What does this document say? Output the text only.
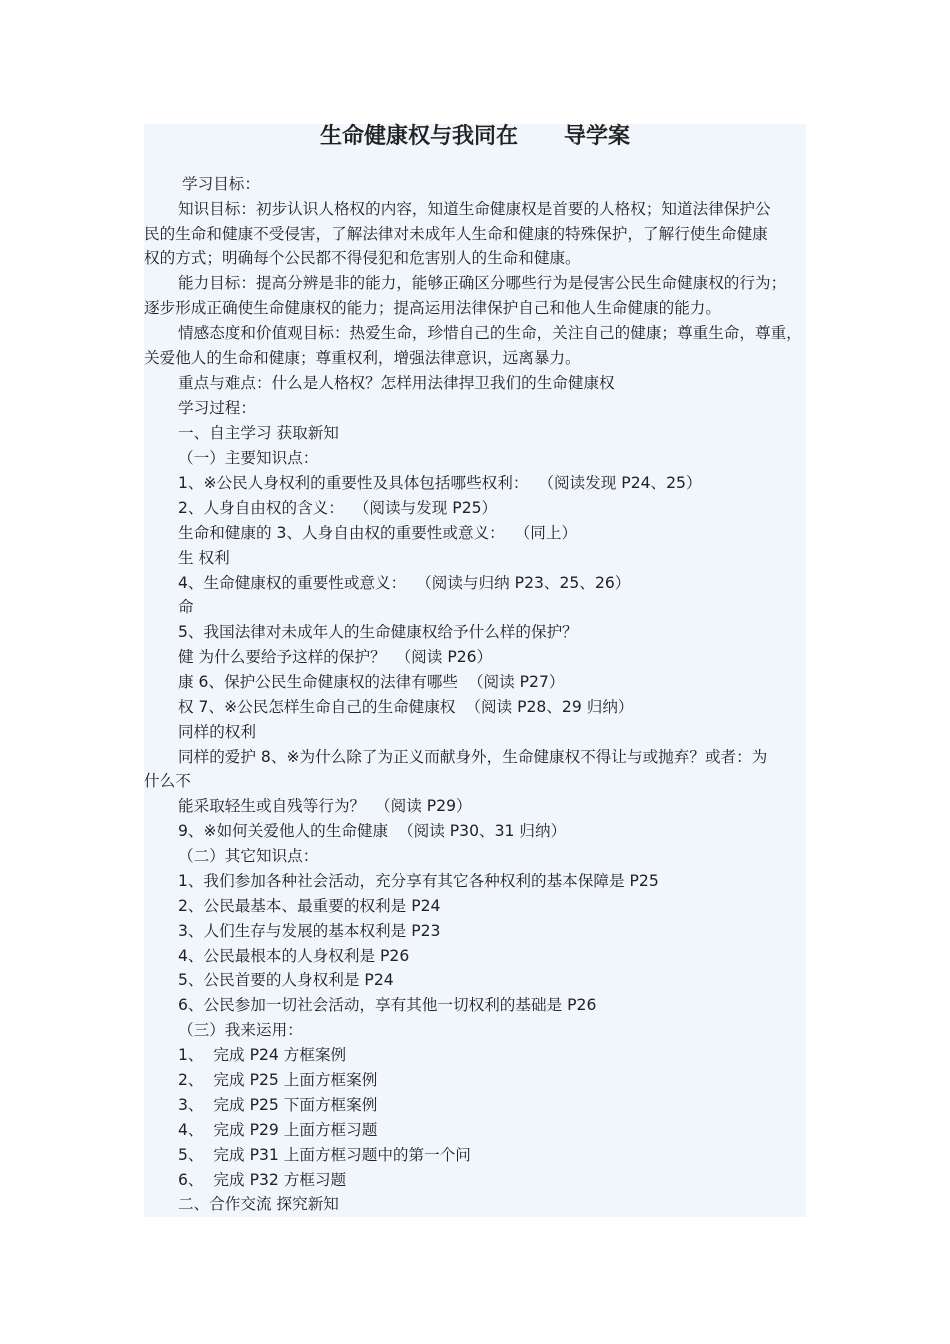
生命健康权与我同在      导学案
学习目标：
知识目标：初步认识人格权的内容，知道生命健康权是首要的人格权；知道法律保护公
民的生命和健康不受侵害，了解法律对未成年人生命和健康的特殊保护，了解行使生命健康
权的方式；明确每个公民都不得侵犯和危害别人的生命和健康。
能力目标：提高分辨是非的能力，能够正确区分哪些行为是侵害公民生命健康权的行为；
逐步形成正确使生命健康权的能力；提高运用法律保护自己和他人生命健康的能力。
情感态度和价值观目标：热爱生命，珍惜自己的生命，关注自己的健康；尊重生命，尊重，
关爱他人的生命和健康；尊重权利，增强法律意识，远离暴力。
重点与难点：什么是人格权？怎样用法律捍卫我们的生命健康权
学习过程：
一、自主学习 获取新知
（一）主要知识点：
1、※公民人身权利的重要性及具体包括哪些权利：  （阅读发现 P24、25）
2、人身自由权的含义：  （阅读与发现 P25）
生命和健康的 3、人身自由权的重要性或意义：  （同上）
生 权利
4、生命健康权的重要性或意义：  （阅读与归纳 P23、25、26）
命
5、我国法律对未成年人的生命健康权给予什么样的保护？
健 为什么要给予这样的保护？  （阅读 P26）
康 6、保护公民生命健康权的法律有哪些  （阅读 P27）
权 7、※公民怎样生命自己的生命健康权  （阅读 P28、29 归纳）
同样的权利
同样的爱护 8、※为什么除了为正义而献身外，生命健康权不得让与或抛弃？或者：为
什么不
能采取轻生或自残等行为？  （阅读 P29）
9、※如何关爱他人的生命健康  （阅读 P30、31 归纳）
（二）其它知识点：
1、我们参加各种社会活动，充分享有其它各种权利的基本保障是 P25
2、公民最基本、最重要的权利是 P24
3、人们生存与发展的基本权利是 P23
4、公民最根本的人身权利是 P26
5、公民首要的人身权利是 P24
6、公民参加一切社会活动，享有其他一切权利的基础是 P26
（三）我来运用：
1、  完成 P24 方框案例
2、  完成 P25 上面方框案例
3、  完成 P25 下面方框案例
4、  完成 P29 上面方框习题
5、  完成 P31 上面方框习题中的第一个问
6、  完成 P32 方框习题
二、合作交流 探究新知
